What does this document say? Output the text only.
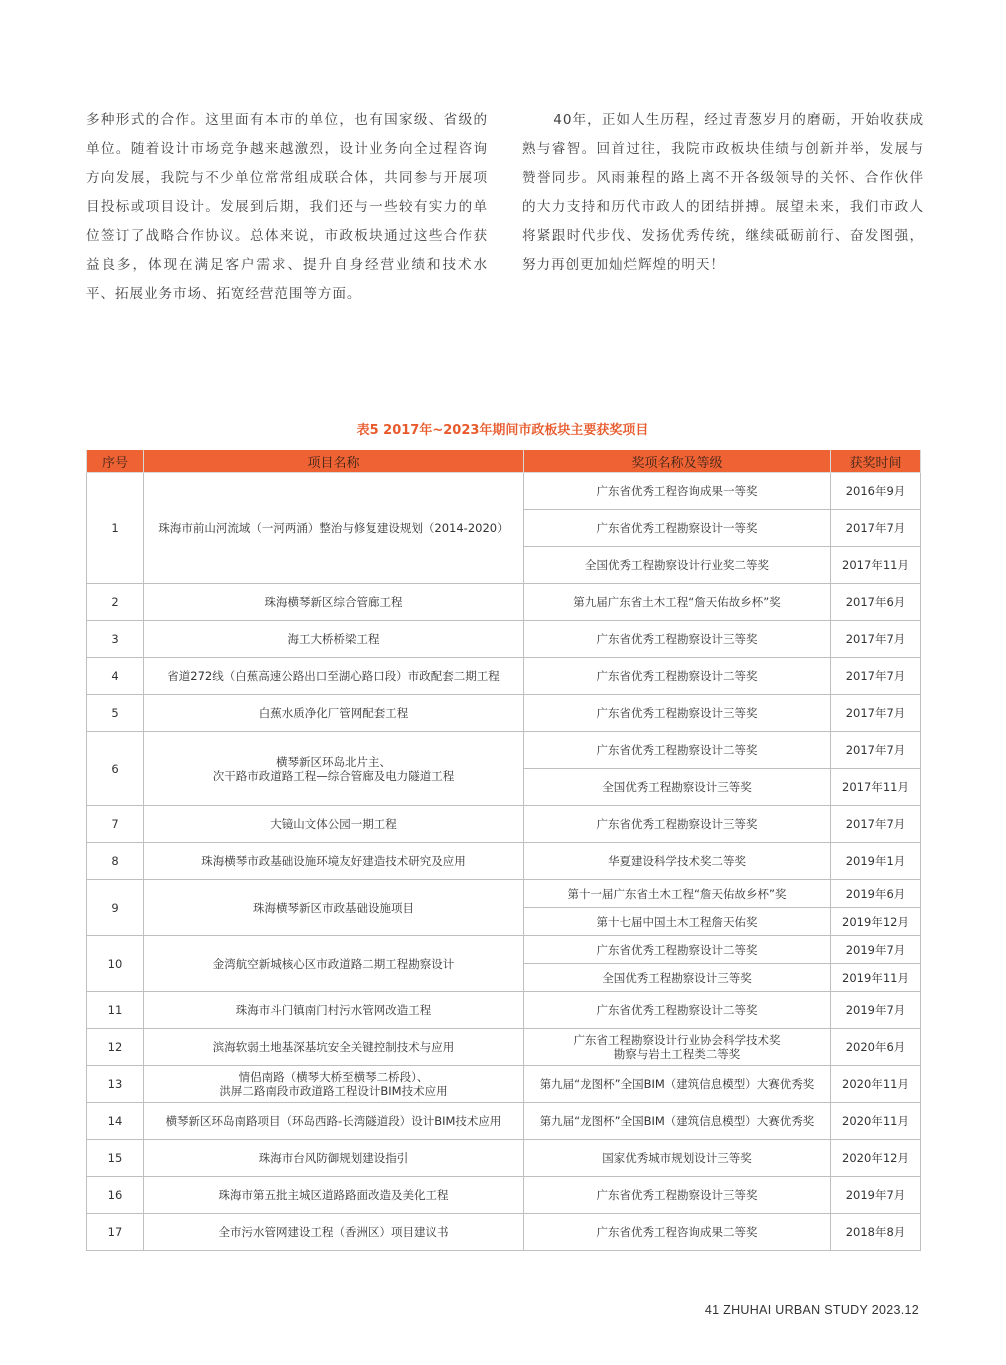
多种形式的合作。这里面有本市的单位，也有国家级、省级的单位。随着设计市场竞争越来越激烈，设计业务向全过程咨询方向发展，我院与不少单位常常组成联合体，共同参与开展项目投标或项目设计。发展到后期，我们还与一些较有实力的单位签订了战略合作协议。总体来说，市政板块通过这些合作获益良多，体现在满足客户需求、提升自身经营业绩和技术水平、拓展业务市场、拓宽经营范围等方面。

40年，正如人生历程，经过青葱岁月的磨砺，开始收获成熟与睿智。回首过往，我院市政板块佳绩与创新并举，发展与赞誉同步。风雨兼程的路上离不开各级领导的关怀、合作伙伴的大力支持和历代市政人的团结拼搏。展望未来，我们市政人将紧跟时代步伐、发扬优秀传统，继续砥砺前行、奋发图强，努力再创更加灿烂辉煌的明天！

表5 2017年~2023年期间市政板块主要获奖项目
序号	项目名称	奖项名称及等级	获奖时间
1	珠海市前山河流域（一河两涌）整治与修复建设规划（2014-2020）	广东省优秀工程咨询成果一等奖	2016年9月
		广东省优秀工程勘察设计一等奖	2017年7月
		全国优秀工程勘察设计行业奖二等奖	2017年11月
2	珠海横琴新区综合管廊工程	第九届广东省土木工程“詹天佑故乡杯”奖	2017年6月
3	海工大桥桥梁工程	广东省优秀工程勘察设计三等奖	2017年7月
4	省道272线（白蕉高速公路出口至湖心路口段）市政配套二期工程	广东省优秀工程勘察设计二等奖	2017年7月
5	白蕉水质净化厂管网配套工程	广东省优秀工程勘察设计三等奖	2017年7月
6	横琴新区环岛北片主、
次干路市政道路工程—综合管廊及电力隧道工程	广东省优秀工程勘察设计二等奖	2017年7月
		全国优秀工程勘察设计三等奖	2017年11月
7	大镜山文体公园一期工程	广东省优秀工程勘察设计三等奖	2017年7月
8	珠海横琴市政基础设施环境友好建造技术研究及应用	华夏建设科学技术奖二等奖	2019年1月
9	珠海横琴新区市政基础设施项目	第十一届广东省土木工程“詹天佑故乡杯”奖	2019年6月
		第十七届中国土木工程詹天佑奖	2019年12月
10	金湾航空新城核心区市政道路二期工程勘察设计	广东省优秀工程勘察设计二等奖	2019年7月
		全国优秀工程勘察设计三等奖	2019年11月
11	珠海市斗门镇南门村污水管网改造工程	广东省优秀工程勘察设计二等奖	2019年7月
12	滨海软弱土地基深基坑安全关键控制技术与应用	广东省工程勘察设计行业协会科学技术奖
勘察与岩土工程类二等奖	2020年6月
13	情侣南路（横琴大桥至横琴二桥段）、
洪屏二路南段市政道路工程设计BIM技术应用	第九届“龙图杯”全国BIM（建筑信息模型）大赛优秀奖	2020年11月
14	横琴新区环岛南路项目（环岛西路-长湾隧道段）设计BIM技术应用	第九届“龙图杯”全国BIM（建筑信息模型）大赛优秀奖	2020年11月
15	珠海市台风防御规划建设指引	国家优秀城市规划设计三等奖	2020年12月
16	珠海市第五批主城区道路路面改造及美化工程	广东省优秀工程勘察设计三等奖	2019年7月
17	全市污水管网建设工程（香洲区）项目建议书	广东省优秀工程咨询成果二等奖	2018年8月
41 ZHUHAI URBAN STUDY 2023.12
